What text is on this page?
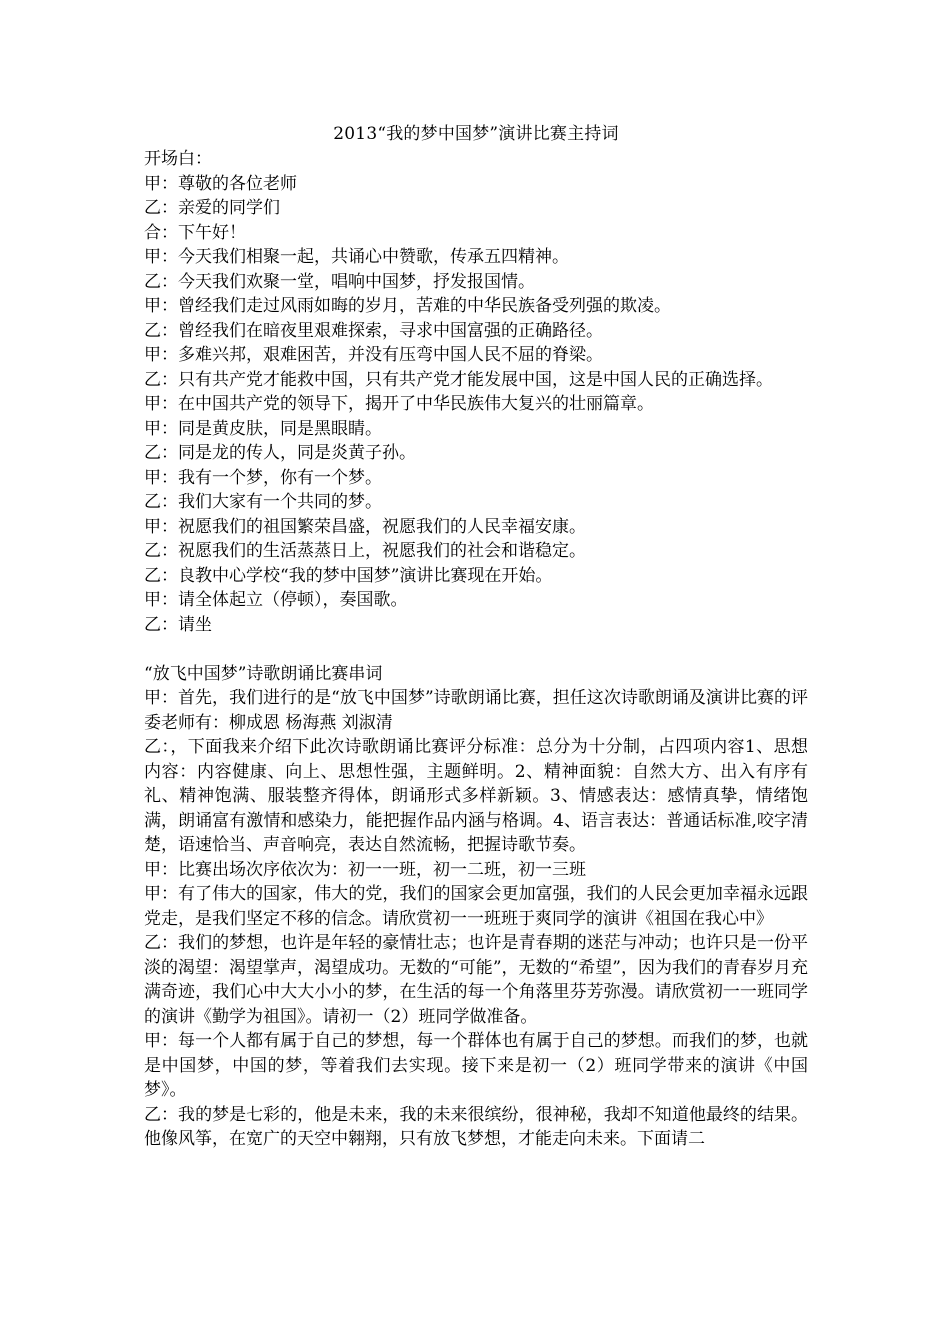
2013“我的梦中国梦”演讲比赛主持词

开场白：

甲：尊敬的各位老师

乙：亲爱的同学们

合：下午好！

甲：今天我们相聚一起，共诵心中赞歌，传承五四精神。

乙：今天我们欢聚一堂，唱响中国梦，抒发报国情。

甲：曾经我们走过风雨如晦的岁月，苦难的中华民族备受列强的欺凌。

乙：曾经我们在暗夜里艰难探索，寻求中国富强的正确路径。

甲：多难兴邦，艰难困苦，并没有压弯中国人民不屈的脊梁。

乙：只有共产党才能救中国，只有共产党才能发展中国，这是中国人民的正确选择。

甲：在中国共产党的领导下，揭开了中华民族伟大复兴的壮丽篇章。

甲：同是黄皮肤，同是黑眼睛。

乙：同是龙的传人，同是炎黄子孙。

甲：我有一个梦，你有一个梦。

乙：我们大家有一个共同的梦。

甲：祝愿我们的祖国繁荣昌盛，祝愿我们的人民幸福安康。

乙：祝愿我们的生活蒸蒸日上，祝愿我们的社会和谐稳定。

乙：良教中心学校“我的梦中国梦”演讲比赛现在开始。

甲：请全体起立（停顿），奏国歌。

乙：请坐

“放飞中国梦”诗歌朗诵比赛串词

甲：首先，我们进行的是“放飞中国梦”诗歌朗诵比赛，担任这次诗歌朗诵及演讲比赛的评委老师有：柳成恩 杨海燕 刘淑清

乙：，下面我来介绍下此次诗歌朗诵比赛评分标准：总分为十分制，占四项内容1、思想内容：内容健康、向上、思想性强，主题鲜明。2、精神面貌：自然大方、出入有序有礼、精神饱满、服装整齐得体，朗诵形式多样新颖。3、情感表达：感情真挚，情绪饱满，朗诵富有激情和感染力，能把握作品内涵与格调。4、语言表达：普通话标准,咬字清楚，语速恰当、声音响亮，表达自然流畅，把握诗歌节奏。

甲：比赛出场次序依次为：初一一班，初一二班，初一三班

甲：有了伟大的国家，伟大的党，我们的国家会更加富强，我们的人民会更加幸福永远跟党走，是我们坚定不移的信念。请欣赏初一一班班于爽同学的演讲《祖国在我心中》

乙：我们的梦想，也许是年轻的豪情壮志；也许是青春期的迷茫与冲动；也许只是一份平淡的渴望：渴望掌声，渴望成功。无数的“可能”，无数的“希望”，因为我们的青春岁月充满奇迹，我们心中大大小小的梦，在生活的每一个角落里芬芳弥漫。请欣赏初一一班同学的演讲《勤学为祖国》。请初一（2）班同学做准备。

甲：每一个人都有属于自己的梦想，每一个群体也有属于自己的梦想。而我们的梦，也就是中国梦，中国的梦，等着我们去实现。接下来是初一（2）班同学带来的演讲《中国梦》。

乙：我的梦是七彩的，他是未来，我的未来很缤纷，很神秘，我却不知道他最终的结果。他像风筝，在宽广的天空中翱翔，只有放飞梦想，才能走向未来。下面请二
